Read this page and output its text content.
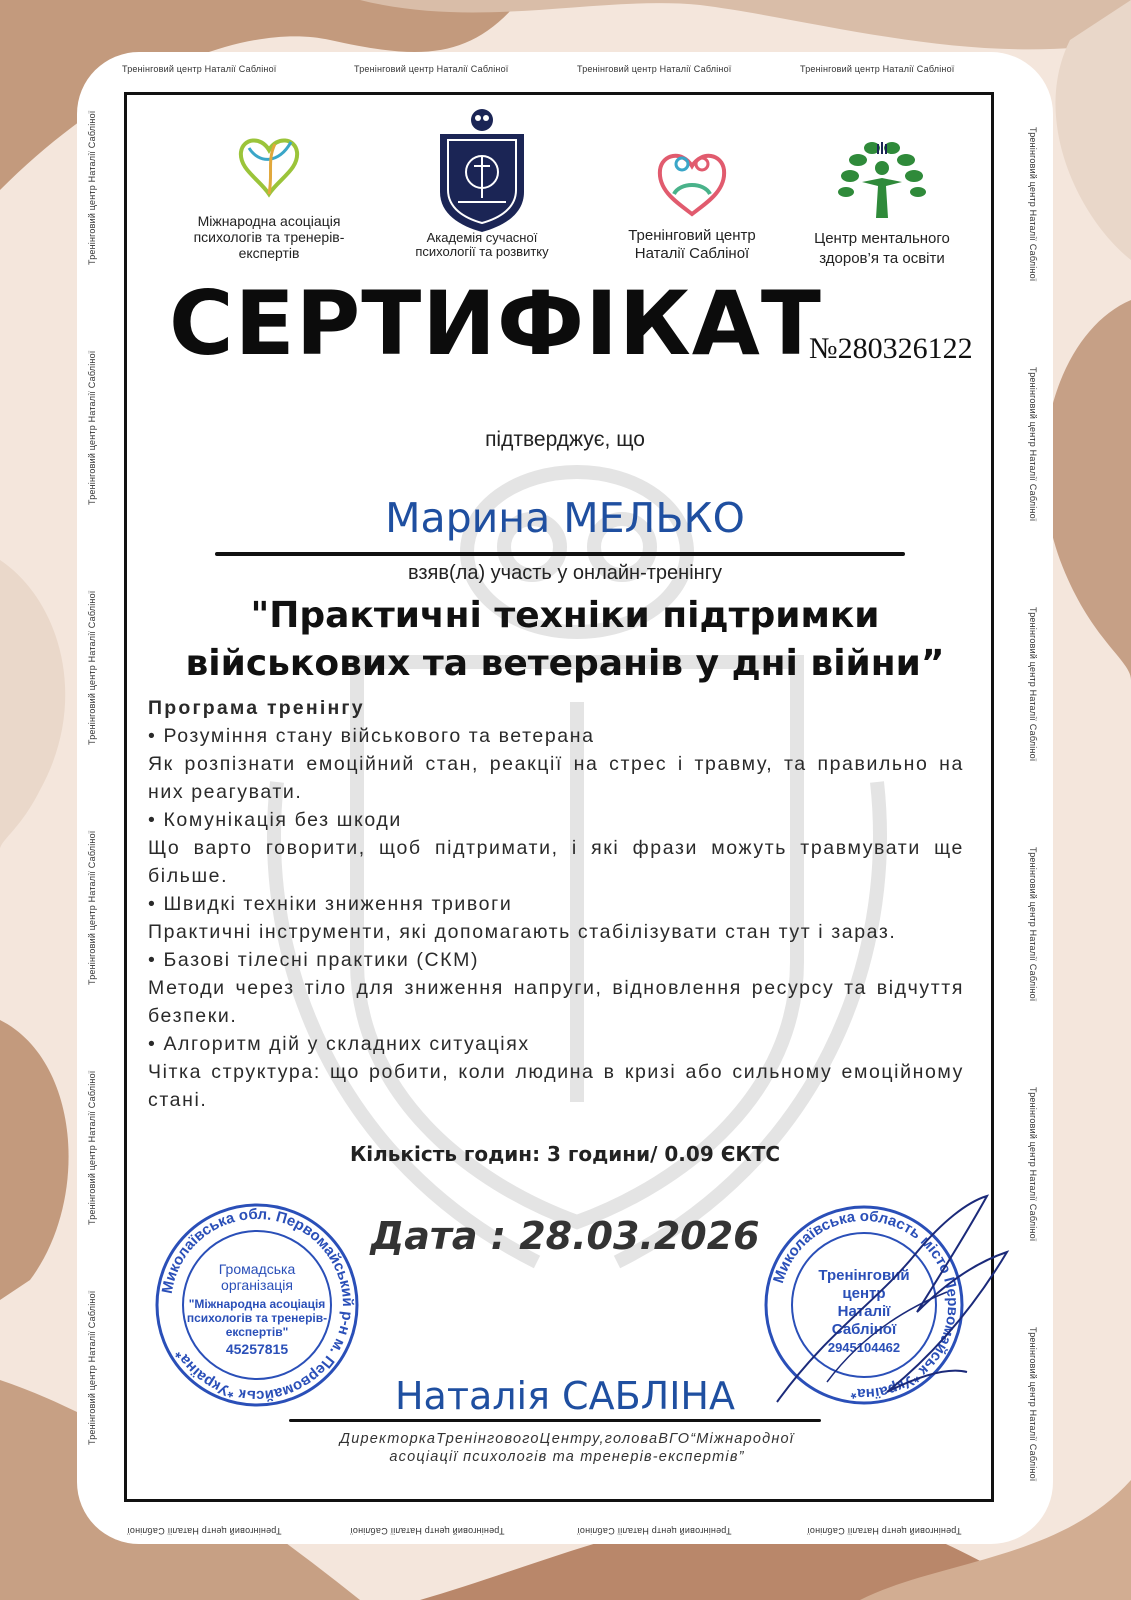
Тренінговий центр Наталії Сабліної	Тренінговий центр Наталії Сабліної	Тренінговий центр Наталії Сабліної	Тренінговий центр Наталії Сабліної
Тренінговий центр Наталії Сабліної	Тренінговий центр Наталії Сабліної	Тренінговий центр Наталії Сабліної	Тренінговий центр Наталії Сабліної
Тренінговий центр Наталії Сабліної
Тренінговий центр Наталії Сабліної
Тренінговий центр Наталії Сабліної
Тренінговий центр Наталії Сабліної
Тренінговий центр Наталії Сабліної
Тренінговий центр Наталії Сабліної
Тренінговий центр Наталії Сабліної
Тренінговий центр Наталії Сабліної
Тренінговий центр Наталії Сабліної
Тренінговий центр Наталії Сабліної
Тренінговий центр Наталії Сабліної
Тренінговий центр Наталії Сабліної
Міжнародна асоціація психологів та тренерів-експертів
Академія сучасної психології та розвитку
Тренінговий центр Наталії Сабліної
Центр ментального здоров’я та освіти
СЕРТИФІКАТ
№280326122
підтверджує, що
Марина МЕЛЬКО
взяв(ла) участь у онлайн-тренінгу
"Практичні техніки підтримки
військових та ветеранів у дні війни”
Програма тренінгу
• Розуміння стану військового та ветерана
Як розпізнати емоційний стан, реакції на стрес і травму, та правильно на них реагувати.
• Комунікація без шкоди
Що варто говорити, щоб підтримати, і які фрази можуть травмувати ще більше.
• Швидкі техніки зниження тривоги
Практичні інструменти, які допомагають стабілізувати стан тут і зараз.
• Базові тілесні практики (СКМ)
Методи через тіло для зниження напруги, відновлення ресурсу та відчуття безпеки.
• Алгоритм дій у складних ситуаціях
Чітка структура: що робити, коли людина в кризі або сильному емоційному стані.
Кількість годин: 3 години/ 0.09 ЄКТС
Дата : 28.03.2026
Миколаївська обл. Первомайський р-н м. Первомайськ *Україна*
Громадська
організація
"Міжнародна асоціація
психологів та тренерів-
експертів"
45257815
Миколаївська область місто Первомайськ *Україна*
Тренінговий
центр
Наталії
Сабліної
2945104462
Наталія САБЛІНА
ДиректоркаТренінговогоЦентру,головаВГО“Міжнародної
асоціації психологів та тренерів-експертів”
